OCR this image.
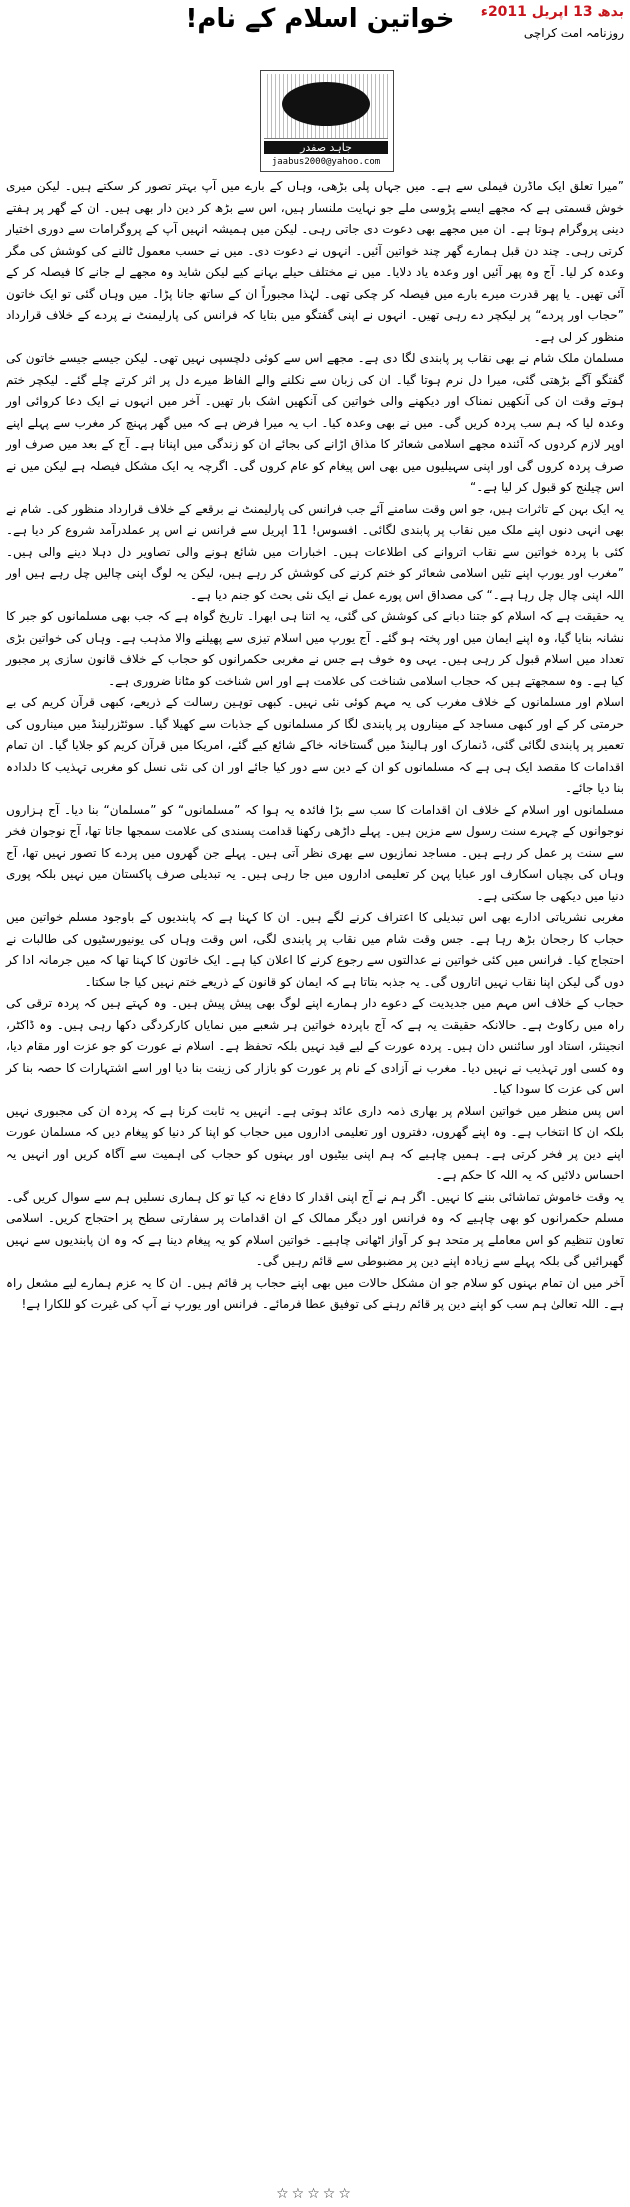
بدھ 13 اپریل 2011ء
روزنامہ امت کراچی
خواتین اسلام کے نام!
جاہد صفدر
jaabus2000@yahoo.com

”میرا تعلق ایک ماڈرن فیملی سے ہے۔ میں جہاں پلی بڑھی، وہاں کے بارے میں آپ بہتر تصور کر سکتے ہیں۔ لیکن میری خوش قسمتی ہے کہ مجھے ایسے پڑوسی ملے جو نہایت ملنسار ہیں، اس سے بڑھ کر دین دار بھی ہیں۔ ان کے گھر پر ہفتے دینی پروگرام ہوتا ہے۔ ان میں مجھے بھی دعوت دی جاتی رہی۔ لیکن میں ہمیشہ انہیں آپ کے پروگرامات سے دوری اختیار کرتی رہی۔ چند دن قبل ہمارے گھر چند خواتین آئیں۔ انہوں نے دعوت دی۔ میں نے حسب معمول ٹالنے کی کوشش کی مگر وعدہ کر لیا۔ آج وہ پھر آئیں اور وعدہ یاد دلایا۔ میں نے مختلف حیلے بہانے کیے لیکن شاید وہ مجھے لے جانے کا فیصلہ کر کے آئی تھیں۔ یا پھر قدرت میرے بارے میں فیصلہ کر چکی تھی۔ لہٰذا مجبوراً ان کے ساتھ جانا پڑا۔ میں وہاں گئی تو ایک خاتون ”حجاب اور پردے“ پر لیکچر دے رہی تھیں۔ انہوں نے اپنی گفتگو میں بتایا کہ فرانس کی پارلیمنٹ نے پردے کے خلاف قرارداد منظور کر لی ہے۔

مسلمان ملک شام نے بھی نقاب پر پابندی لگا دی ہے۔ مجھے اس سے کوئی دلچسپی نہیں تھی۔ لیکن جیسے جیسے خاتون کی گفتگو آگے بڑھتی گئی، میرا دل نرم ہوتا گیا۔ ان کی زبان سے نکلنے والے الفاظ میرے دل پر اثر کرتے چلے گئے۔ لیکچر ختم ہوتے وقت ان کی آنکھیں نمناک اور دیکھنے والی خواتین کی آنکھیں اشک بار تھیں۔ آخر میں انہوں نے ایک دعا کروائی اور وعدہ لیا کہ ہم سب پردہ کریں گی۔ میں نے بھی وعدہ کیا۔ اب یہ میرا فرض ہے کہ میں گھر پہنچ کر مغرب سے پہلے اپنے اوپر لازم کردوں کہ آئندہ مجھے اسلامی شعائر کا مذاق اڑانے کی بجائے ان کو زندگی میں اپنانا ہے۔ آج کے بعد میں صرف اور صرف پردہ کروں گی اور اپنی سہیلیوں میں بھی اس پیغام کو عام کروں گی۔ اگرچہ یہ ایک مشکل فیصلہ ہے لیکن میں نے اس چیلنج کو قبول کر لیا ہے۔“

یہ ایک بہن کے تاثرات ہیں، جو اس وقت سامنے آئے جب فرانس کی پارلیمنٹ نے برقعے کے خلاف قرارداد منظور کی۔ شام نے بھی انہی دنوں اپنے ملک میں نقاب پر پابندی لگائی۔ افسوس! 11 اپریل سے فرانس نے اس پر عملدرآمد شروع کر دیا ہے۔ کئی با پردہ خواتین سے نقاب اتروانے کی اطلاعات ہیں۔ اخبارات میں شائع ہونے والی تصاویر دل دہلا دینے والی ہیں۔ ”مغرب اور یورپ اپنے تئیں اسلامی شعائر کو ختم کرنے کی کوشش کر رہے ہیں، لیکن یہ لوگ اپنی چالیں چل رہے ہیں اور اللہ اپنی چال چل رہا ہے۔“ کی مصداق اس پورے عمل نے ایک نئی بحث کو جنم دیا ہے۔

یہ حقیقت ہے کہ اسلام کو جتنا دبانے کی کوشش کی گئی، یہ اتنا ہی ابھرا۔ تاریخ گواہ ہے کہ جب بھی مسلمانوں کو جبر کا نشانہ بنایا گیا، وہ اپنے ایمان میں اور پختہ ہو گئے۔ آج یورپ میں اسلام تیزی سے پھیلنے والا مذہب ہے۔ وہاں کی خواتین بڑی تعداد میں اسلام قبول کر رہی ہیں۔ یہی وہ خوف ہے جس نے مغربی حکمرانوں کو حجاب کے خلاف قانون سازی پر مجبور کیا ہے۔ وہ سمجھتے ہیں کہ حجاب اسلامی شناخت کی علامت ہے اور اس شناخت کو مٹانا ضروری ہے۔

اسلام اور مسلمانوں کے خلاف مغرب کی یہ مہم کوئی نئی نہیں۔ کبھی توہین رسالت کے ذریعے، کبھی قرآن کریم کی بے حرمتی کر کے اور کبھی مساجد کے میناروں پر پابندی لگا کر مسلمانوں کے جذبات سے کھیلا گیا۔ سوئٹزرلینڈ میں میناروں کی تعمیر پر پابندی لگائی گئی، ڈنمارک اور ہالینڈ میں گستاخانہ خاکے شائع کیے گئے، امریکا میں قرآن کریم کو جلایا گیا۔ ان تمام اقدامات کا مقصد ایک ہی ہے کہ مسلمانوں کو ان کے دین سے دور کیا جائے اور ان کی نئی نسل کو مغربی تہذیب کا دلدادہ بنا دیا جائے۔

مسلمانوں اور اسلام کے خلاف ان اقدامات کا سب سے بڑا فائدہ یہ ہوا کہ ”مسلمانوں“ کو ”مسلمان“ بنا دیا۔ آج ہزاروں نوجوانوں کے چہرے سنت رسول سے مزین ہیں۔ پہلے داڑھی رکھنا قدامت پسندی کی علامت سمجھا جاتا تھا، آج نوجوان فخر سے سنت پر عمل کر رہے ہیں۔ مساجد نمازیوں سے بھری نظر آتی ہیں۔ پہلے جن گھروں میں پردے کا تصور نہیں تھا، آج وہاں کی بچیاں اسکارف اور عبایا پہن کر تعلیمی اداروں میں جا رہی ہیں۔ یہ تبدیلی صرف پاکستان میں نہیں بلکہ پوری دنیا میں دیکھی جا سکتی ہے۔

مغربی نشریاتی ادارے بھی اس تبدیلی کا اعتراف کرنے لگے ہیں۔ ان کا کہنا ہے کہ پابندیوں کے باوجود مسلم خواتین میں حجاب کا رجحان بڑھ رہا ہے۔ جس وقت شام میں نقاب پر پابندی لگی، اس وقت وہاں کی یونیورسٹیوں کی طالبات نے احتجاج کیا۔ فرانس میں کئی خواتین نے عدالتوں سے رجوع کرنے کا اعلان کیا ہے۔ ایک خاتون کا کہنا تھا کہ میں جرمانہ ادا کر دوں گی لیکن اپنا نقاب نہیں اتاروں گی۔ یہ جذبہ بتاتا ہے کہ ایمان کو قانون کے ذریعے ختم نہیں کیا جا سکتا۔

حجاب کے خلاف اس مہم میں جدیدیت کے دعوے دار ہمارے اپنے لوگ بھی پیش پیش ہیں۔ وہ کہتے ہیں کہ پردہ ترقی کی راہ میں رکاوٹ ہے۔ حالانکہ حقیقت یہ ہے کہ آج باپردہ خواتین ہر شعبے میں نمایاں کارکردگی دکھا رہی ہیں۔ وہ ڈاکٹر، انجینئر، استاد اور سائنس دان ہیں۔ پردہ عورت کے لیے قید نہیں بلکہ تحفظ ہے۔ اسلام نے عورت کو جو عزت اور مقام دیا، وہ کسی اور تہذیب نے نہیں دیا۔ مغرب نے آزادی کے نام پر عورت کو بازار کی زینت بنا دیا اور اسے اشتہارات کا حصہ بنا کر اس کی عزت کا سودا کیا۔

اس پس منظر میں خواتین اسلام پر بھاری ذمہ داری عائد ہوتی ہے۔ انہیں یہ ثابت کرنا ہے کہ پردہ ان کی مجبوری نہیں بلکہ ان کا انتخاب ہے۔ وہ اپنے گھروں، دفتروں اور تعلیمی اداروں میں حجاب کو اپنا کر دنیا کو پیغام دیں کہ مسلمان عورت اپنے دین پر فخر کرتی ہے۔ ہمیں چاہیے کہ ہم اپنی بیٹیوں اور بہنوں کو حجاب کی اہمیت سے آگاہ کریں اور انہیں یہ احساس دلائیں کہ یہ اللہ کا حکم ہے۔

یہ وقت خاموش تماشائی بننے کا نہیں۔ اگر ہم نے آج اپنی اقدار کا دفاع نہ کیا تو کل ہماری نسلیں ہم سے سوال کریں گی۔ مسلم حکمرانوں کو بھی چاہیے کہ وہ فرانس اور دیگر ممالک کے ان اقدامات پر سفارتی سطح پر احتجاج کریں۔ اسلامی تعاون تنظیم کو اس معاملے پر متحد ہو کر آواز اٹھانی چاہیے۔ خواتین اسلام کو یہ پیغام دینا ہے کہ وہ ان پابندیوں سے نہیں گھبرائیں گی بلکہ پہلے سے زیادہ اپنے دین پر مضبوطی سے قائم رہیں گی۔

آخر میں ان تمام بہنوں کو سلام جو ان مشکل حالات میں بھی اپنے حجاب پر قائم ہیں۔ ان کا یہ عزم ہمارے لیے مشعل راہ ہے۔ اللہ تعالیٰ ہم سب کو اپنے دین پر قائم رہنے کی توفیق عطا فرمائے۔ فرانس اور یورپ نے آپ کی غیرت کو للکارا ہے!

☆☆☆☆☆
